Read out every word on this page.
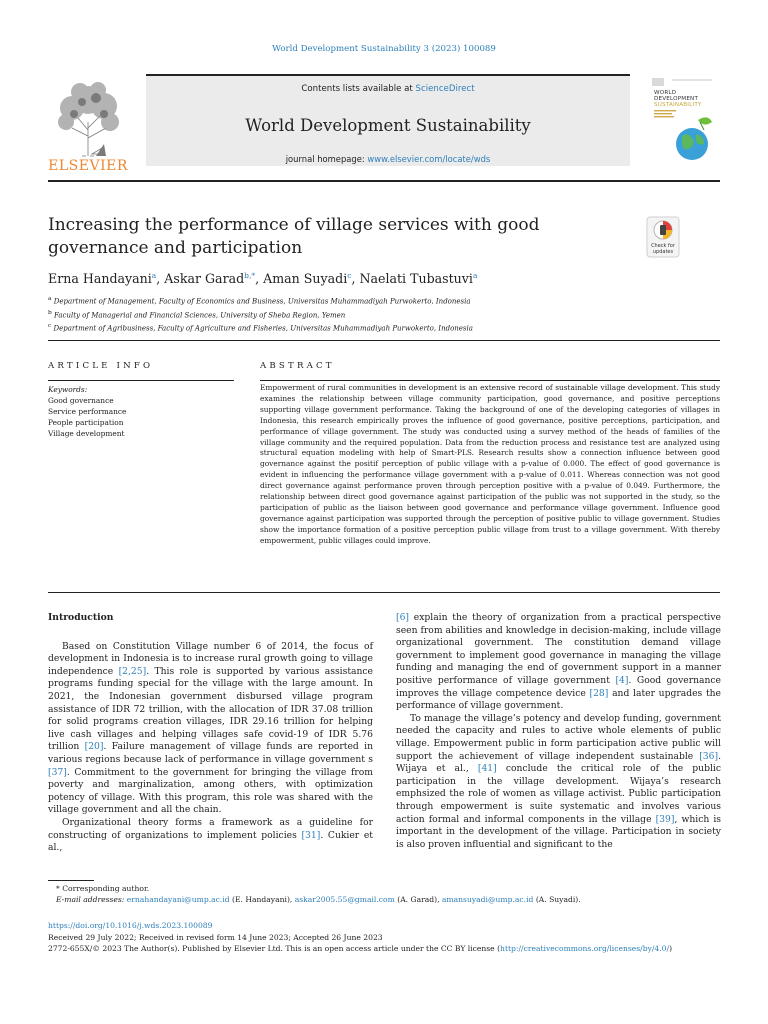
World Development Sustainability 3 (2023) 100089
ELSEVIER
Contents lists available at ScienceDirect
World Development Sustainability
journal homepage: www.elsevier.com/locate/wds
WORLD
DEVELOPMENT
SUSTAINABILITY
Increasing the performance of village services with good governance and participation	Check for
updates
Erna Handayani$^a$, Askar Garad$^{b,*}$, Aman Suyadi$^c$, Naelati Tubastuvi$^a$
$^a$ Department of Management, Faculty of Economics and Business, Universitas Muhammadiyah Purwokerto, Indonesia
$^b$ Faculty of Managerial and Financial Sciences, University of Sheba Region, Yemen
$^c$ Department of Agribusiness, Faculty of Agriculture and Fisheries, Universitas Muhammadiyah Purwokerto, Indonesia
ARTICLE INFO	ABSTRACT
Keywords:
Good governance
Service performance
People participation
Village development
Empowerment of rural communities in development is an extensive record of sustainable village development. This study examines the relationship between village community participation, good governance, and positive perceptions supporting village government performance. Taking the background of one of the developing categories of villages in Indonesia, this research empirically proves the influence of good governance, positive perceptions, participation, and performance of village government. The study was conducted using a survey method of the heads of families of the village community and the required population. Data from the reduction process and resistance test are analyzed using structural equation modeling with help of Smart-PLS. Research results show a connection influence between good governance against the positif perception of public village with a p-value of 0.000. The effect of good governance is evident in influencing the performance village government with a p-value of 0.011. Whereas connection was not good direct governance against performance proven through perception positive with a p-value of 0.049. Furthermore, the relationship between direct good governance against participation of the public was not supported in the study, so the participation of public as the liaison between good governance and performance village government. Influence good governance against participation was supported through the perception of positive public to village government. Studies show the importance formation of a positive perception public village from trust to a village government. With thereby empowerment, public villages could improve.

Introduction

Based on Constitution Village number 6 of 2014, the focus of development in Indonesia is to increase rural growth going to village independence [2,25]. This role is supported by various assistance programs funding special for the village with the large amount. In 2021, the Indonesian government disbursed village program assistance of IDR 72 trillion, with the allocation of IDR 37.08 trillion for solid programs creation villages, IDR 29.16 trillion for helping live cash villages and helping villages safe covid-19 of IDR 5.76 trillion [20]. Failure management of village funds are reported in various regions because lack of performance in village government s [37]. Commitment to the government for bringing the village from poverty and marginalization, among others, with optimization potency of village. With this program, this role was shared with the village government and all the chain.

Organizational theory forms a framework as a guideline for constructing of organizations to implement policies [31]. Cukier et al.,

[6] explain the theory of organization from a practical perspective seen from abilities and knowledge in decision-making, include village organizational government. The constitution demand village government to implement good governance in managing the village funding and managing the end of government support in a manner positive performance of village government [4]. Good governance improves the village competence device [28] and later upgrades the performance of village government.

To manage the village’s potency and develop funding, government needed the capacity and rules to active whole elements of public village. Empowerment public in form participation active public will support the achievement of village independent sustainable [36]. Wijaya et al., [41] conclude the critical role of the public participation in the village development. Wijaya’s research emphsized the role of women as village activist. Public participation through empowerment is suite systematic and involves various action formal and informal components in the village [39], which is important in the development of the village. Participation in society is also proven influential and significant to the

* Corresponding author.
E-mail addresses: ernahandayani@ump.ac.id (E. Handayani), askar2005.55@gmail.com (A. Garad), amansuyadi@ump.ac.id (A. Suyadi).
https://doi.org/10.1016/j.wds.2023.100089
Received 29 July 2022; Received in revised form 14 June 2023; Accepted 26 June 2023
2772-655X/© 2023 The Author(s). Published by Elsevier Ltd. This is an open access article under the CC BY license (http://creativecommons.org/licenses/by/4.0/)
